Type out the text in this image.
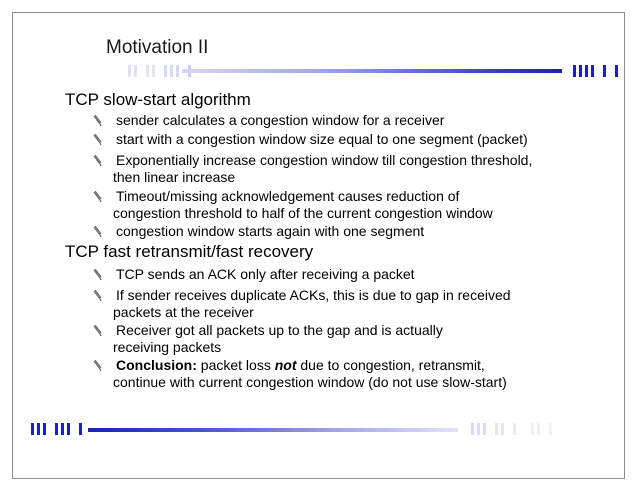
Motivation II
TCP slow-start algorithm
sender calculates a congestion window for a receiver
start with a congestion window size equal to one segment (packet)
Exponentially increase congestion window till congestion threshold,
then linear increase
Timeout/missing acknowledgement causes reduction of
congestion threshold to half of the current congestion window
congestion window starts again with one segment
TCP fast retransmit/fast recovery
TCP sends an ACK only after receiving a packet
If sender receives duplicate ACKs, this is due to gap in received
packets at the receiver
Receiver got all packets up to the gap and is actually
receiving packets
Conclusion: packet loss not due to congestion, retransmit,
continue with current congestion window (do not use slow-start)
